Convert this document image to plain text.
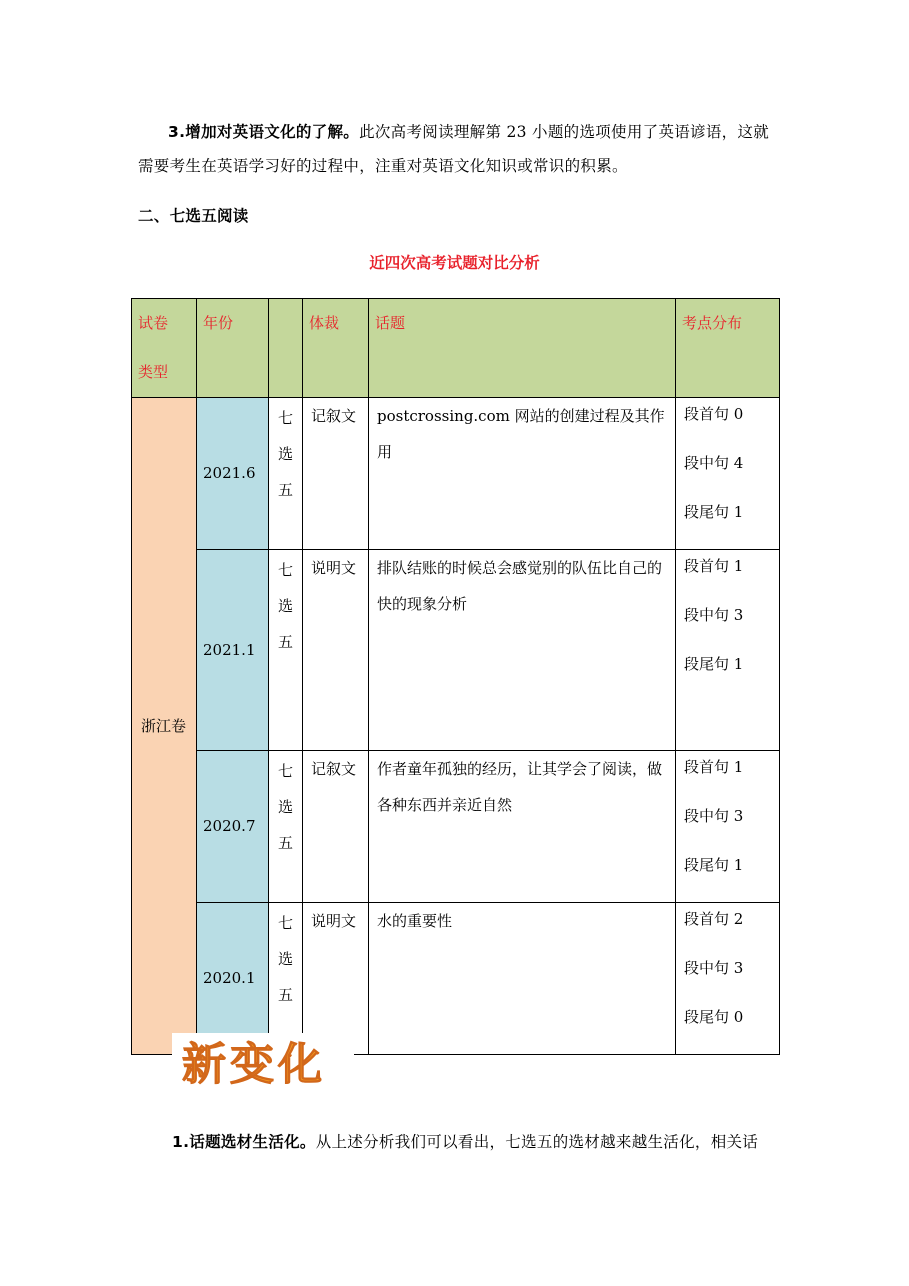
3.增加对英语文化的了解。此次高考阅读理解第 23 小题的选项使用了英语谚语，这就需要考生在英语学习好的过程中，注重对英语文化知识或常识的积累。
二、七选五阅读
近四次高考试题对比分析
试卷
类型	年份		体裁	话题	考点分布
浙江卷	2021.6	七
选
五	记叙文	postcrossing.com 网站的创建过程及其作用	段首句 0
段中句 4
段尾句 1

	2021.1	七
选
五	说明文	排队结账的时候总会感觉别的队伍比自己的快的现象分析	段首句 1
段中句 3
段尾句 1

	2020.7	七
选
五	记叙文	作者童年孤独的经历，让其学会了阅读，做各种东西并亲近自然	段首句 1
段中句 3
段尾句 1

	2020.1	七
选
五	说明文	水的重要性	段首句 2
段中句 3
段尾句 0
新变化
1.话题选材生活化。从上述分析我们可以看出，七选五的选材越来越生活化，相关话
